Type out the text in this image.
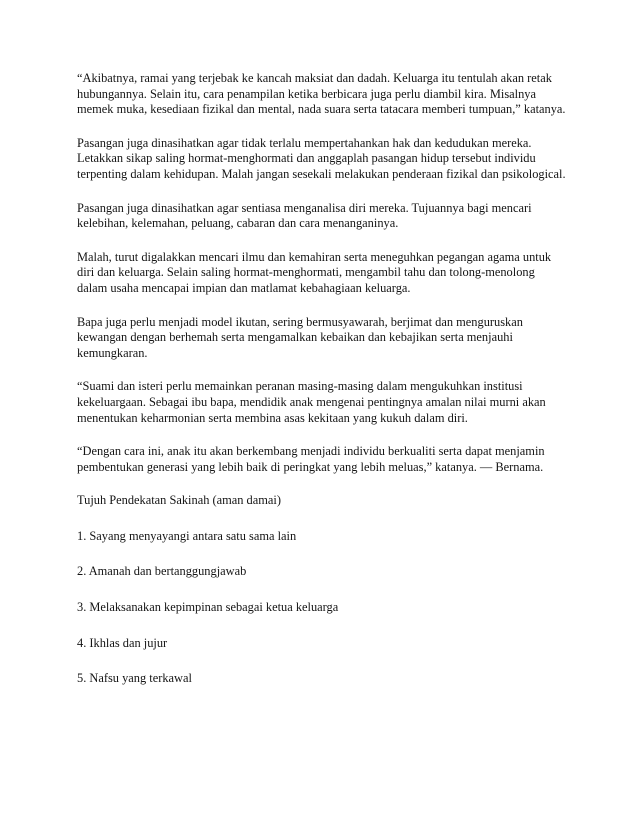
“Akibatnya, ramai yang terjebak ke kancah maksiat dan dadah. Keluarga itu tentulah akan retak hubungannya. Selain itu, cara penampilan ketika berbicara juga perlu diambil kira. Misalnya memek muka, kesediaan fizikal dan mental, nada suara serta tatacara memberi tumpuan,” katanya.

Pasangan juga dinasihatkan agar tidak terlalu mempertahankan hak dan kedudukan mereka. Letakkan sikap saling hormat-menghormati dan anggaplah pasangan hidup tersebut individu terpenting dalam kehidupan. Malah jangan sesekali melakukan penderaan fizikal dan psikological.

Pasangan juga dinasihatkan agar sentiasa menganalisa diri mereka. Tujuannya bagi mencari kelebihan, kelemahan, peluang, cabaran dan cara menanganinya.

Malah, turut digalakkan mencari ilmu dan kemahiran serta meneguhkan pegangan agama untuk diri dan keluarga. Selain saling hormat-menghormati, mengambil tahu dan tolong-menolong dalam usaha mencapai impian dan matlamat kebahagiaan keluarga.

Bapa juga perlu menjadi model ikutan, sering bermusyawarah, berjimat dan menguruskan kewangan dengan berhemah serta mengamalkan kebaikan dan kebajikan serta menjauhi kemungkaran.

“Suami dan isteri perlu memainkan peranan masing-masing dalam mengukuhkan institusi kekeluargaan. Sebagai ibu bapa, mendidik anak mengenai pentingnya amalan nilai murni akan menentukan keharmonian serta membina asas kekitaan yang kukuh dalam diri.

“Dengan cara ini, anak itu akan berkembang menjadi individu berkualiti serta dapat menjamin pembentukan generasi yang lebih baik di peringkat yang lebih meluas,” katanya. — Bernama.

Tujuh Pendekatan Sakinah (aman damai)

1. Sayang menyayangi antara satu sama lain

2. Amanah dan bertanggungjawab

3. Melaksanakan kepimpinan sebagai ketua keluarga

4. Ikhlas dan jujur

5. Nafsu yang terkawal
